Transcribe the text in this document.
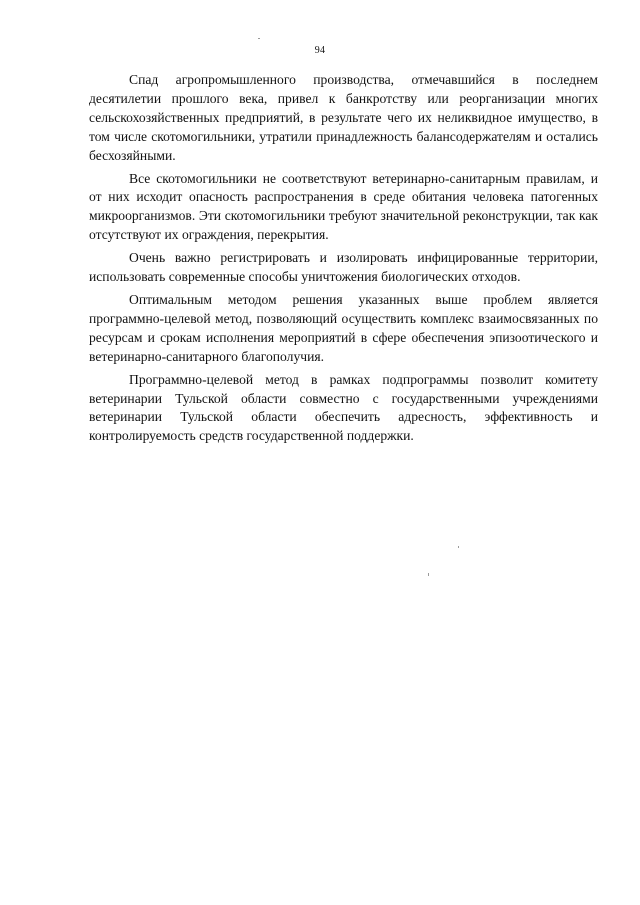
94

Спад агропромышленного производства, отмечавшийся в последнем десятилетии прошлого века, привел к банкротству или реорганизации многих сельскохозяйственных предприятий, в результате чего их неликвидное имущество, в том числе скотомогильники, утратили принадлежность балансодержателям и остались бесхозяйными.

Все скотомогильники не соответствуют ветеринарно-санитарным правилам, и от них исходит опасность распространения в среде обитания человека патогенных микроорганизмов. Эти скотомогильники требуют значительной реконструкции, так как отсутствуют их ограждения, перекрытия.

Очень важно регистрировать и изолировать инфицированные территории, использовать современные способы уничтожения биологических отходов.

Оптимальным методом решения указанных выше проблем является программно-целевой метод, позволяющий осуществить комплекс взаимосвязанных по ресурсам и срокам исполнения мероприятий в сфере обеспечения эпизоотического и ветеринарно-санитарного благополучия.

Программно-целевой метод в рамках подпрограммы позволит комитету ветеринарии Тульской области совместно с государственными учреждениями ветеринарии Тульской области обеспечить адресность, эффективность и контролируемость средств государственной поддержки.
